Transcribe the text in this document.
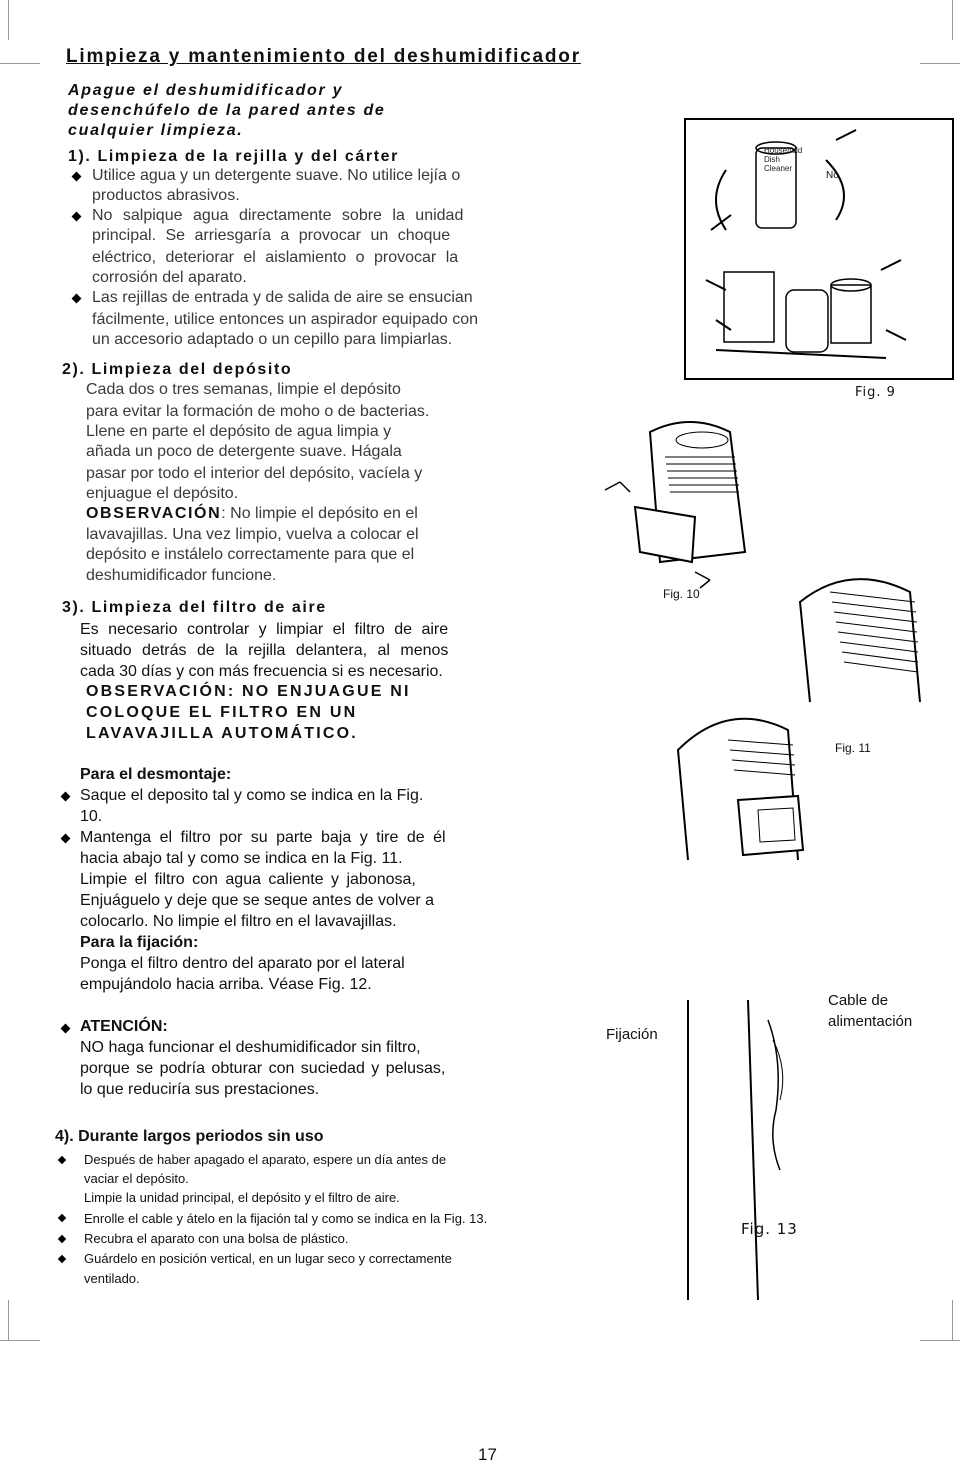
Limpieza y mantenimiento del deshumidificador
Apague el deshumidificador y
desenchúfelo de la pared antes de
cualquier limpieza.
1). Limpieza de la rejilla y del cárter
Utilice agua y un detergente suave. No utilice lejía o
productos abrasivos.
No salpique agua directamente sobre la unidad
principal. Se arriesgaría a provocar un choque
eléctrico, deteriorar el aislamiento o provocar la
corrosión del aparato.
Las rejillas de entrada y de salida de aire se ensucian
fácilmente, utilice entonces un aspirador equipado con
un accesorio adaptado o un cepillo para limpiarlas.
2). Limpieza del depósito
Cada dos o tres semanas, limpie el depósito
para evitar la formación de moho o de bacterias.
Llene en parte el depósito de agua limpia y
añada un poco de detergente suave. Hágala
pasar por todo el interior del depósito, vacíela y
enjuague el depósito.
OBSERVACIÓN: No limpie el depósito en el
lavavajillas. Una vez limpio, vuelva a colocar el
depósito e instálelo correctamente para que el
deshumidificador funcione.
3). Limpieza del filtro de aire
Es necesario controlar y limpiar el filtro de aire
situado detrás de la rejilla delantera, al menos
cada 30 días y con más frecuencia si es necesario.
OBSERVACIÓN: NO ENJUAGUE NI
COLOQUE EL FILTRO EN UN
LAVAVAJILLA AUTOMÁTICO.
Para el desmontaje:
Saque el deposito tal y como se indica en la Fig.
10.
Mantenga el filtro por su parte baja y tire de él
hacia abajo tal y como se indica en la Fig. 11.
Limpie el filtro con agua caliente y jabonosa,
Enjuáguelo y deje que se seque antes de volver a
colocarlo. No limpie el filtro en el lavavajillas.
Para la fijación:
Ponga el filtro dentro del aparato por el lateral
empujándolo hacia arriba. Véase Fig. 12.
ATENCIÓN:
NO haga funcionar el deshumidificador sin filtro,
porque se podría obturar con suciedad y pelusas,
lo que reduciría sus prestaciones.
4). Durante largos periodos sin uso
Después de haber apagado el aparato, espere un día antes de
vaciar el depósito.
Limpie la unidad principal, el depósito y el filtro de aire.
Enrolle el cable y átelo en la fijación tal y como se indica en la Fig. 13.
Recubra el aparato con una bolsa de plástico.
Guárdelo en posición vertical, en un lugar seco y correctamente
ventilado.
Household
Dish
Cleaner
No
Fig. 9
Fig. 10
Fig. 11
Fijación
Cable de
alimentación
Fig. 13
17
